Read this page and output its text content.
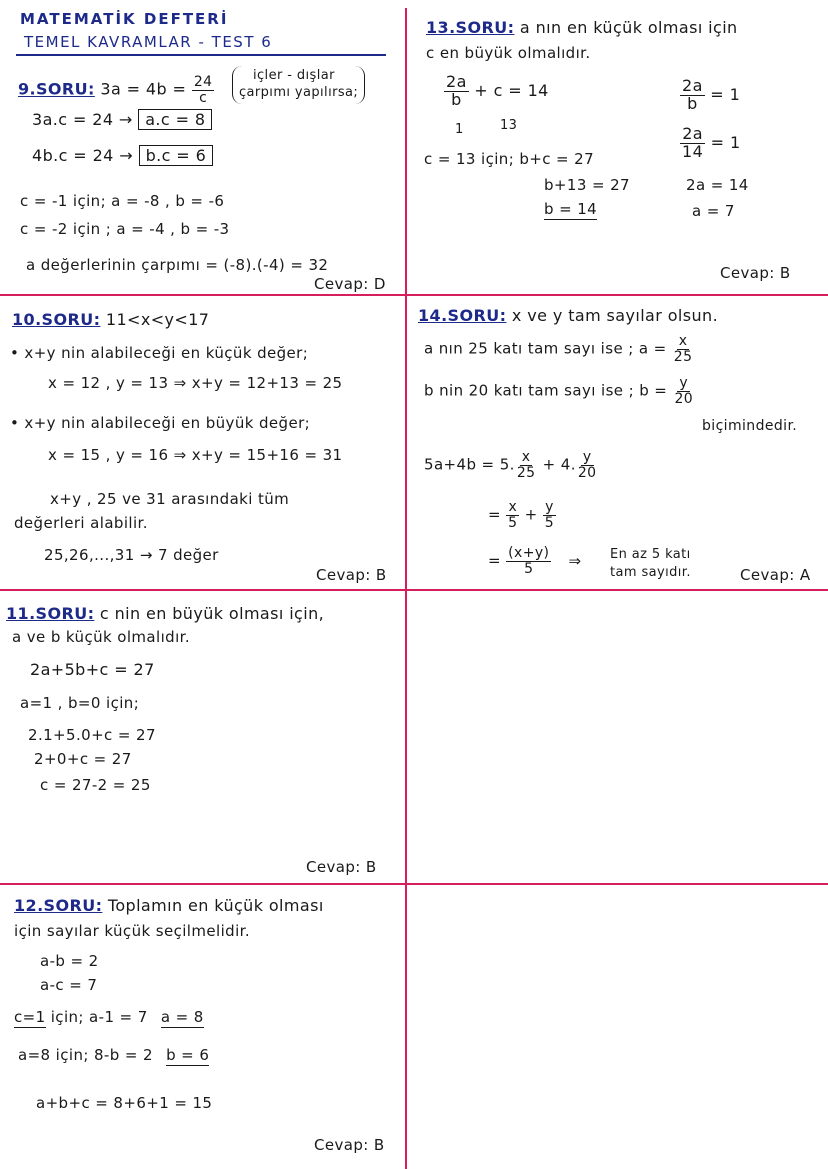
MATEMATİK DEFTERİ
TEMEL KAVRAMLAR - TEST 6
9.SORU: $3a = 4b = \frac{24}{c}$	içler - dışlar
çarpımı yapılırsa;
3a.c = 24 → a.c = 8
4b.c = 24 → b.c = 6
c = -1 için; a = -8 , b = -6
c = -2 için ; a = -4 , b = -3
a değerlerinin çarpımı = (-8).(-4) = 32
Cevap: D
10.SORU: 11<x<y<17
• x+y nin alabileceği en küçük değer;
x = 12 , y = 13 ⇒ x+y = 12+13 = 25
• x+y nin alabileceği en büyük değer;
x = 15 , y = 16 ⇒ x+y = 15+16 = 31
x+y , 25 ve 31 arasındaki tüm
değerleri alabilir.
25,26,...,31 → 7 değer
Cevap: B
11.SORU: c nin en büyük olması için,
a ve b küçük olmalıdır.
2a+5b+c = 27
a=1 , b=0 için;
2.1+5.0+c = 27
2+0+c = 27
c = 27-2 = 25
Cevap: B
12.SORU: Toplamın en küçük olması
için sayılar küçük seçilmelidir.
a-b = 2
a-c = 7
c=1 için; a-1 = 7 a = 8
a=8 için; 8-b = 2 b = 6
a+b+c = 8+6+1 = 15
Cevap: B
13.SORU: a nın en küçük olması için
c en büyük olmalıdır.
$\frac{2a}{b} + c = 14$
1	13
c = 13 için; b+c = 27
b+13 = 27
b = 14
$\frac{2a}{b} = 1$
$\frac{2a}{14} = 1$
2a = 14
a = 7
Cevap: B
14.SORU: x ve y tam sayılar olsun.
a nın 25 katı tam sayı ise ; $a = \frac{x}{25}$
b nin 20 katı tam sayı ise ; $b = \frac{y}{20}$
biçimindedir.
5a+4b = 5. $\frac{x}{25} + 4$. $\frac{y}{20}$
= $\frac{x}{5} + \frac{y}{5}$
= $\frac{(x+y)}{5}$ ⇒ En az 5 katı
tam sayıdır.	Cevap: A
